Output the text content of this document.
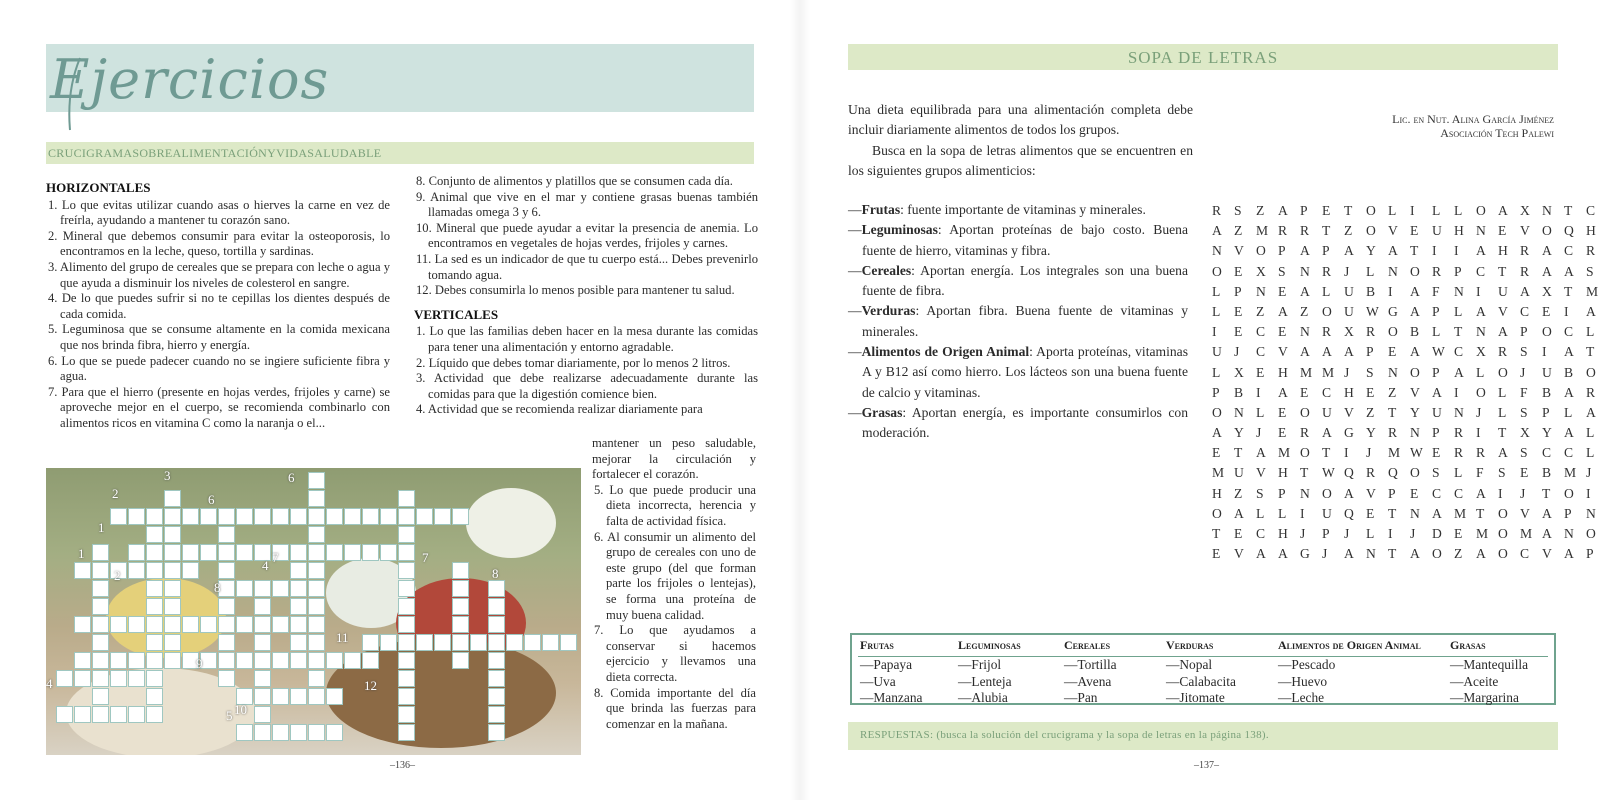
Ejercicios
Lic. en Nut. Alina García Jiménez
Asociación Tech Palewi
CRUCIGRAMASOBREALIMENTACIÓNYVIDASALUDABLE

HORIZONTALES

1. Lo que evitas utilizar cuando asas o hierves la carne en vez de freírla, ayudando a mantener tu corazón sano.

2. Mineral que debemos consumir para evitar la osteoporosis, lo encontramos en la leche, queso, tortilla y sardinas.

3. Alimento del grupo de cereales que se prepara con leche o agua y que ayuda a disminuir los niveles de colesterol en sangre.

4. De lo que puedes sufrir si no te cepillas los dientes después de cada comida.

5. Leguminosa que se consume altamente en la comida mexicana que nos brinda fibra, hierro y energía.

6. Lo que se puede padecer cuando no se ingiere suficiente fibra y agua.

7. Para que el hierro (presente en hojas verdes, frijoles y carne) se aproveche mejor en el cuerpo, se recomienda combinarlo con alimentos ricos en vitamina C como la naranja o el...

8. Conjunto de alimentos y platillos que se consumen cada día.

9. Animal que vive en el mar y contiene grasas buenas también llamadas omega 3 y 6.

10. Mineral que puede ayudar a evitar la presencia de anemia. Lo encontramos en vegetales de hojas verdes, frijoles y carnes.

11. La sed es un indicador de que tu cuerpo está... Debes prevenirlo tomando agua.

12. Debes consumirla lo menos posible para mantener tu salud.

VERTICALES

1. Lo que las familias deben hacer en la mesa durante las comidas para tener una alimentación y entorno agradable.

2. Líquido que debes tomar diariamente, por lo menos 2 litros.

3. Actividad que debe realizarse adecuadamente durante las comidas para que la digestión comience bien.

4. Actividad que se recomienda realizar diariamente para

1
1
2
2
3
4
4
5
6
6
7	7
8
8
9
10
11
12

mantener un peso saludable, mejorar la circulación y fortalecer el corazón.

5. Lo que puede producir una dieta incorrecta, herencia y falta de actividad física.

6. Al consumir un alimento del grupo de cereales con uno de este grupo (del que forman parte los frijoles o lentejas), se forma una proteína de muy buena calidad.

7. Lo que ayudamos a conservar si hacemos ejercicio y llevamos una dieta correcta.

8. Comida importante del día que brinda las fuerzas para comenzar en la mañana.

–136–
SOPA DE LETRAS

Una dieta equilibrada para una alimentación completa debe incluir diariamente alimentos de todos los grupos.

Busca en la sopa de letras alimentos que se encuentren en los siguientes grupos alimenticios:

—Frutas: fuente importante de vitaminas y minerales.

—Leguminosas: Aportan proteínas de bajo costo. Buena fuente de hierro, vitaminas y fibra.

—Cereales: Aportan energía. Los integrales son una buena fuente de fibra.

—Verduras: Aportan fibra. Buena fuente de vitaminas y minerales.

—Alimentos de Origen Animal: Aporta proteínas, vitaminas A y B12 así como hierro. Los lácteos son una buena fuente de calcio y vitaminas.

—Grasas: Aportan energía, es importante consumirlos con moderación.

R S Z A P E T O L I L L O A X N T C
A Z M R R T Z O V E U H N E V O Q H
N V O P A P A Y A T I I A H R A C R
O E X S N R J L N O R P C T R A A S
L P N E A L U B I A F N I U A X T M
L E Z A Z O U W G A P L A V C E I A
I E C E N R X R O B L T N A P O C L
U J C V A A A P E A W C X R S I A T
L X E H M M J S N O P A L O J U B O
P B I A E C H E Z V A I O L F B A R
O N L E O U V Z T Y U N J L S P L A
A Y J E R A G Y R N P R I T X Y A L
E T A M O T I J M W E R R A S C C L
M U V H T W Q R Q O S L F S E B M J
H Z S P N O A V P E C C A I J T O I
O A L L I U Q E T N A M T O V A P N
T E C H J P J L I J D E M O M A N O
E V A A G J A N T A O Z A O C V A P
Frutas
—Papaya
—Uva
—Manzana
Leguminosas
—Frijol
—Lenteja
—Alubia
Cereales
—Tortilla
—Avena
—Pan
Verduras
—Nopal
—Calabacita
—Jitomate
Alimentos de Origen Animal
—Pescado
—Huevo
—Leche
Grasas
—Mantequilla
—Aceite
—Margarina
RESPUESTAS: (busca la solución del crucigrama y la sopa de letras en la página 138).
–137–
